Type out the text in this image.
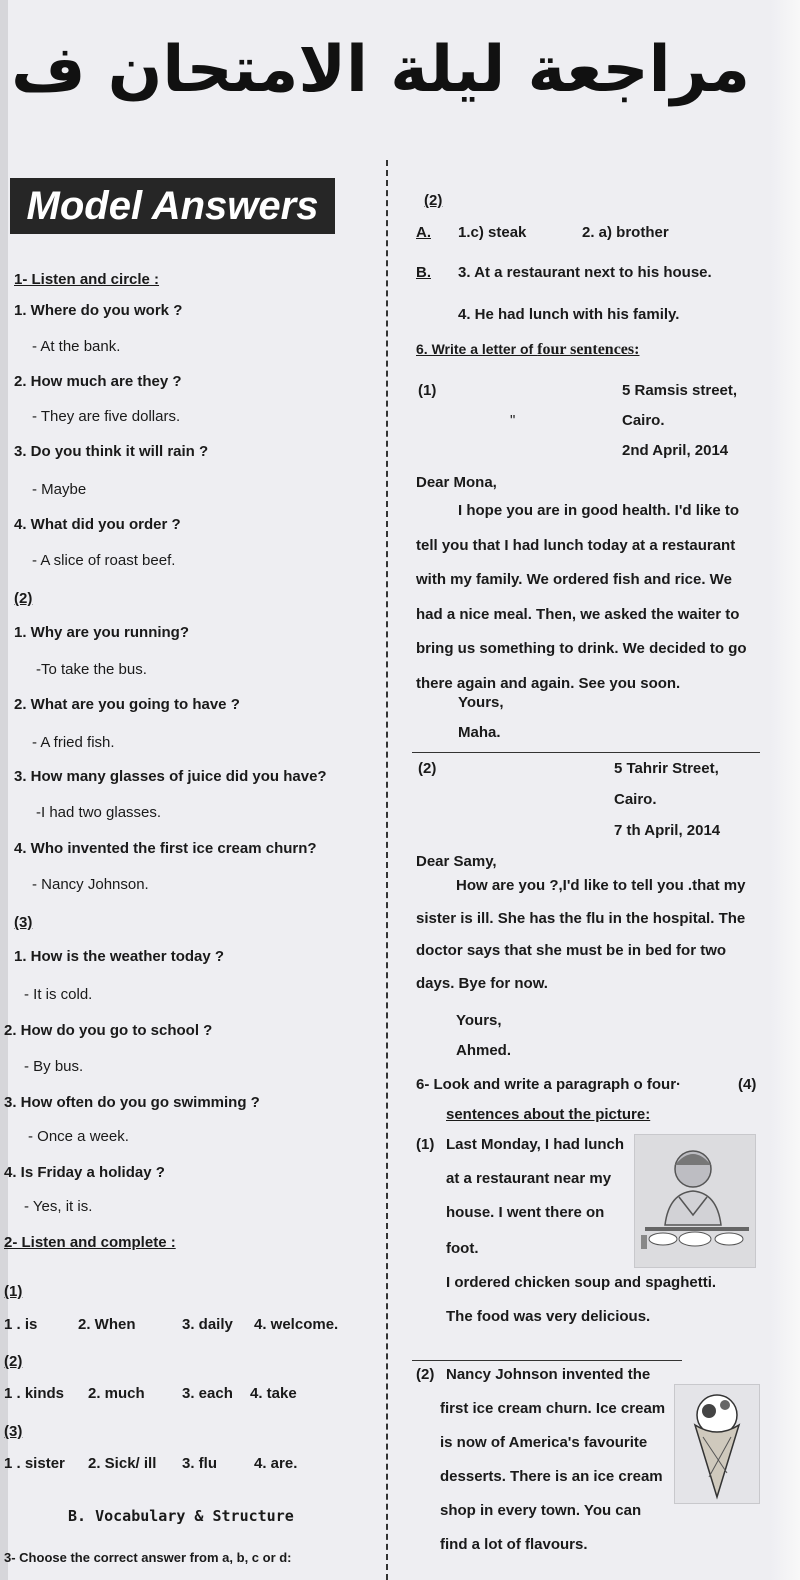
مراجعة ليلة الامتحان ف
Model Answers
1- Listen and circle :
1. Where do you work ?
- At the bank.
2. How much are they ?
- They are five dollars.
3. Do you think it will rain ?
- Maybe
4. What did you order ?
- A slice of roast beef.
(2)
1. Why are you running?
-To take the bus.
2. What are you going to have ?
- A fried fish.
3. How many glasses of juice did you have?
-I had two glasses.
4. Who invented the first ice cream churn?
- Nancy Johnson.
(3)
1. How is the weather today ?
- It is cold.
2. How do you go to school ?
- By bus.
3. How often do you go swimming ?
- Once a week.
4. Is Friday a holiday ?
- Yes, it is.
2- Listen and complete :
(1)
1 . is	2. When	3. daily 4. welcome.
(2)
1 . kinds 2. much 3. each 4. take
(3)
1 . sister 2. Sick/ ill 3. flu 4. are.
B. Vocabulary & Structure
3- Choose the correct answer from a, b, c or d:
(2)
A. 1.c) steak	2. a) brother
B. 3. At a restaurant next to his house.
4. He had lunch with his family.
6. Write a letter of four sentences:
(1)	5 Ramsis street,
"	Cairo.
2nd April, 2014
Dear Mona,
I hope you are in good health. I'd like to tell you that I had lunch today at a restaurant with my family. We ordered fish and rice. We had a nice meal. Then, we asked the waiter to bring us something to drink. We decided to go there again and again. See you soon.
Yours,
Maha.
(2)	5 Tahrir Street,
Cairo.
7 th April, 2014
Dear Samy,
How are you ?,I'd like to tell you .that my sister is ill. She has the flu in the hospital. The doctor says that she must be in bed for two days. Bye for now.
Yours,
Ahmed.
6- Look and write a paragraph o four·	(4)
sentences about the picture:
(1) Last Monday, I had lunch
at a restaurant near my
house. I went there on
foot.
I ordered chicken soup and spaghetti.
The food was very delicious.
(2) Nancy Johnson invented the
first ice cream churn. Ice cream
is now of America's favourite
desserts. There is an ice cream
shop in every town. You can
find a lot of flavours.
